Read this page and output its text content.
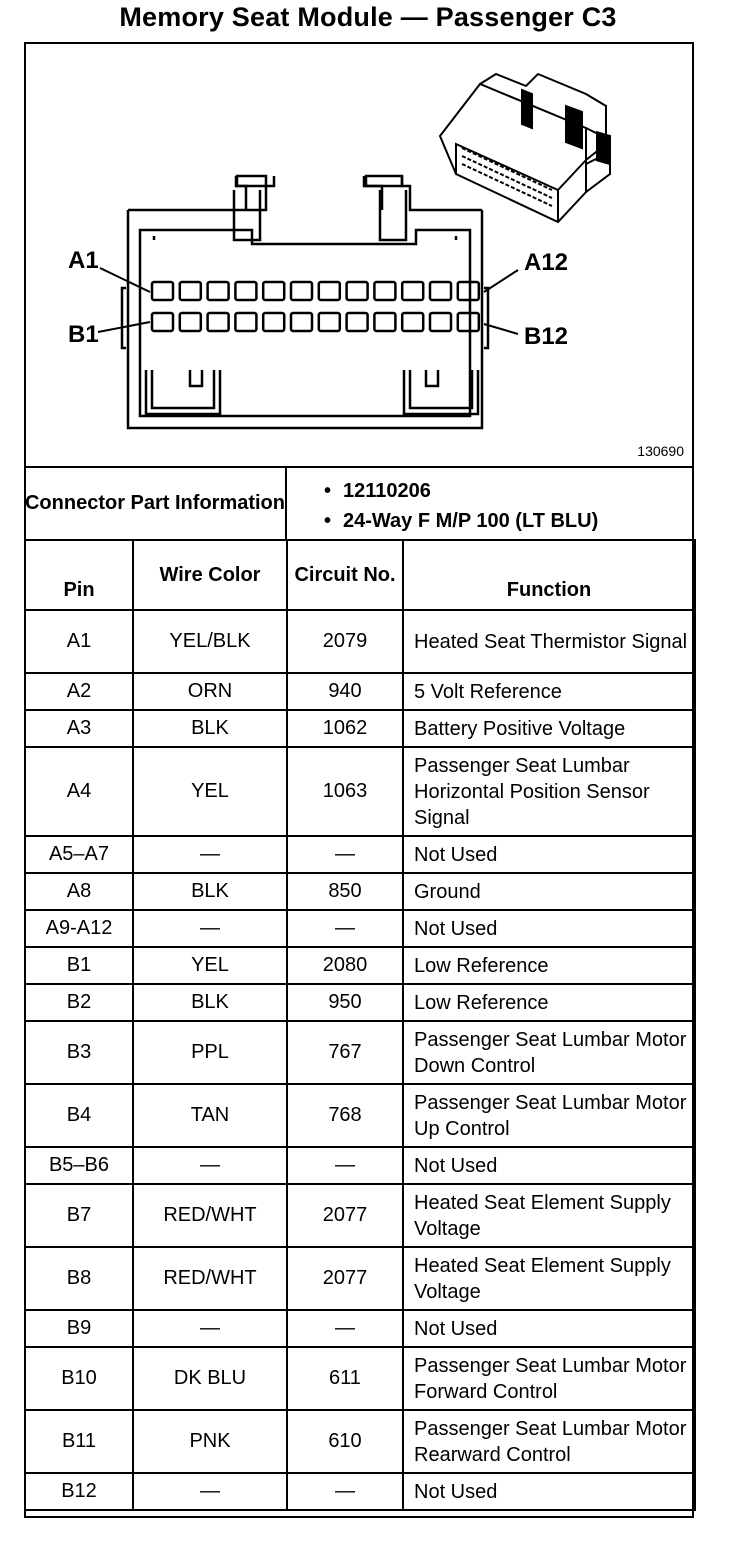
Memory Seat Module — Passenger C3
A1
B1
A12
B12
130690
Connector Part Information
• 12110206
• 24-Way F M/P 100 (LT BLU)
Pin	Wire Color	Circuit No.	Function
A1	YEL/BLK	2079	Heated Seat Thermistor Signal
A2	ORN	940	5 Volt Reference
A3	BLK	1062	Battery Positive Voltage
A4	YEL	1063	Passenger Seat Lumbar Horizontal Position Sensor Signal
A5–A7	—	—	Not Used
A8	BLK	850	Ground
A9-A12	—	—	Not Used
B1	YEL	2080	Low Reference
B2	BLK	950	Low Reference
B3	PPL	767	Passenger Seat Lumbar Motor Down Control
B4	TAN	768	Passenger Seat Lumbar Motor Up Control
B5–B6	—	—	Not Used
B7	RED/WHT	2077	Heated Seat Element Supply Voltage
B8	RED/WHT	2077	Heated Seat Element Supply Voltage
B9	—	—	Not Used
B10	DK BLU	611	Passenger Seat Lumbar Motor Forward Control
B11	PNK	610	Passenger Seat Lumbar Motor Rearward Control
B12	—	—	Not Used
